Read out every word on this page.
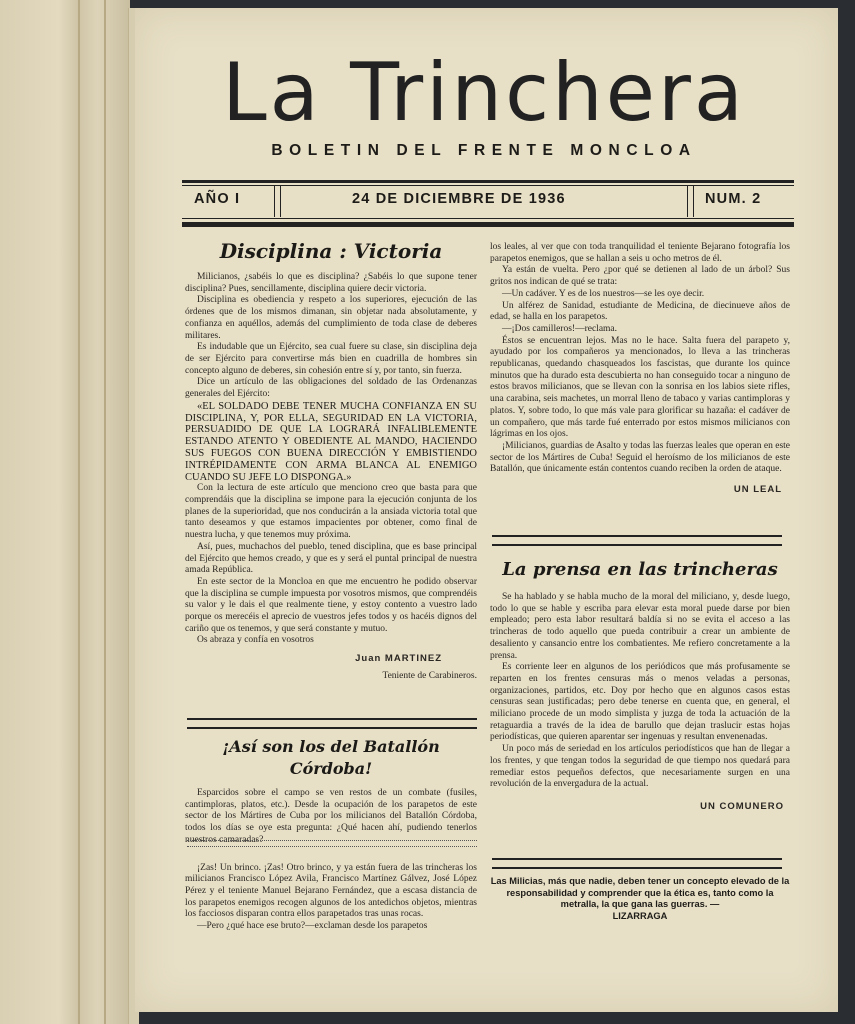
La Trinchera
BOLETIN DEL FRENTE MONCLOA
AÑO I	24 DE DICIEMBRE DE 1936	NUM. 2
Disciplina : Victoria

Milicianos, ¿sabéis lo que es disciplina? ¿Sabéis lo que supone tener disciplina? Pues, sencillamente, disciplina quiere decir victoria.

Disciplina es obediencia y respeto a los superiores, ejecución de las órdenes que de los mismos dimanan, sin objetar nada absolutamente, y confianza en aquéllos, además del cumplimiento de toda clase de deberes militares.

Es indudable que un Ejército, sea cual fuere su clase, sin disciplina deja de ser Ejército para convertirse más bien en cuadrilla de hombres sin concepto alguno de deberes, sin cohesión entre sí y, por tanto, sin fuerza.

Dice un artículo de las obligaciones del soldado de las Ordenanzas generales del Ejército:

«EL SOLDADO DEBE TENER MUCHA CONFIANZA EN SU DISCIPLINA, Y, POR ELLA, SEGURIDAD EN LA VICTORIA, PERSUADIDO DE QUE LA LOGRARÁ INFALIBLEMENTE ESTANDO ATENTO Y OBEDIENTE AL MANDO, HACIENDO SUS FUEGOS CON BUENA DIRECCIÓN Y EMBISTIENDO INTRÉPIDAMENTE CON ARMA BLANCA AL ENEMIGO CUANDO SU JEFE LO DISPONGA.»

Con la lectura de este artículo que menciono creo que basta para que comprendáis que la disciplina se impone para la ejecución conjunta de los planes de la superioridad, que nos conducirán a la ansiada victoria total que tanto deseamos y que estamos impacientes por obtener, como final de nuestra lucha, y que tenemos muy próxima.

Así, pues, muchachos del pueblo, tened disciplina, que es base principal del Ejército que hemos creado, y que es y será el puntal principal de nuestra amada República.

En este sector de la Moncloa en que me encuentro he podido observar que la disciplina se cumple impuesta por vosotros mismos, que comprendéis su valor y le dais el que realmente tiene, y estoy contento a vuestro lado porque os merecéis el aprecio de vuestros jefes todos y os hacéis dignos del cariño que os tenemos, y que será constante y mutuo.

Os abraza y confía en vosotros

Juan MARTINEZ
Teniente de Carabineros.
¡Así son los del Batallón Córdoba!

Esparcidos sobre el campo se ven restos de un combate (fusiles, cantimploras, platos, etc.). Desde la ocupación de los parapetos de este sector de los Mártires de Cuba por los milicianos del Batallón Córdoba, todos los días se oye esta pregunta: ¿Qué hacen ahí, pudiendo tenerlos nuestros camaradas?

¡Zas! Un brinco. ¡Zas! Otro brinco, y ya están fuera de las trincheras los milicianos Francisco López Avila, Francisco Martínez Gálvez, José López Pérez y el teniente Manuel Bejarano Fernández, que a escasa distancia de los parapetos enemigos recogen algunos de los antedichos objetos, mientras los facciosos disparan contra ellos parapetados tras unas rocas.

—Pero ¿qué hace ese bruto?—exclaman desde los parapetos

los leales, al ver que con toda tranquilidad el teniente Bejarano fotografía los parapetos enemigos, que se hallan a seis u ocho metros de él.

Ya están de vuelta. Pero ¿por qué se detienen al lado de un árbol? Sus gritos nos indican de qué se trata:

—Un cadáver. Y es de los nuestros—se les oye decir.

Un alférez de Sanidad, estudiante de Medicina, de diecinueve años de edad, se halla en los parapetos.

—¡Dos camilleros!—reclama.

Éstos se encuentran lejos. Mas no le hace. Salta fuera del parapeto y, ayudado por los compañeros ya mencionados, lo lleva a las trincheras republicanas, quedando chasqueados los fascistas, que durante los quince minutos que ha durado esta descubierta no han conseguido tocar a ninguno de estos bravos milicianos, que se llevan con la sonrisa en los labios siete rifles, una carabina, seis machetes, un morral lleno de tabaco y varias cantimploras y platos. Y, sobre todo, lo que más vale para glorificar su hazaña: el cadáver de un compañero, que más tarde fué enterrado por estos mismos milicianos con lágrimas en los ojos.

¡Milicianos, guardias de Asalto y todas las fuerzas leales que operan en este sector de los Mártires de Cuba! Seguid el heroísmo de los milicianos de este Batallón, que únicamente están contentos cuando reciben la orden de ataque.

UN LEAL
La prensa en las trincheras

Se ha hablado y se habla mucho de la moral del miliciano, y, desde luego, todo lo que se hable y escriba para elevar esta moral puede darse por bien empleado; pero esta labor resultará baldía si no se evita el acceso a las trincheras de todo aquello que pueda contribuir a crear un ambiente de desaliento y cansancio entre los combatientes. Me refiero concretamente a la prensa.

Es corriente leer en algunos de los periódicos que más profusamente se reparten en los frentes censuras más o menos veladas a personas, organizaciones, partidos, etc. Doy por hecho que en algunos casos estas censuras sean justificadas; pero debe tenerse en cuenta que, en general, el miliciano procede de un modo simplista y juzga de toda la actuación de la retaguardia a través de la idea de barullo que dejan traslucir estas hojas periodísticas, que quieren aparentar ser ingenuas y resultan envenenadas.

Un poco más de seriedad en los artículos periodísticos que han de llegar a los frentes, y que tengan todos la seguridad de que tiempo nos quedará para remediar estos pequeños defectos, que necesariamente surgen en una revolución de la envergadura de la actual.

UN COMUNERO
Las Milicias, más que nadie, deben tener un concepto elevado de la responsabilidad y comprender que la ética es, tanto como la metralla, la que gana las guerras. —
LIZARRAGA
